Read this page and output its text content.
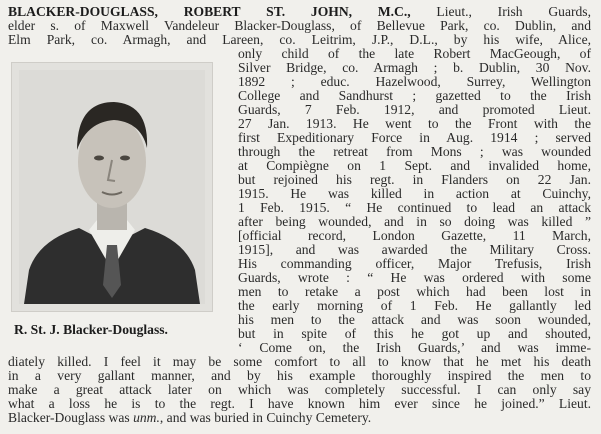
BLACKER-DOUGLASS, ROBERT ST. JOHN, M.C., Lieut., Irish Guards,
elder s. of Maxwell Vandeleur Blacker-Douglass, of Bellevue Park, co. Dublin, and
Elm Park, co. Armagh, and Lareen, co. Leitrim, J.P., D.L., by his wife, Alice,
only child of the late Robert MacGeough, of
Silver Bridge, co. Armagh ; b. Dublin, 30 Nov.
1892 ; educ. Hazelwood, Surrey, Wellington
College and Sandhurst ; gazetted to the Irish
Guards, 7 Feb. 1912, and promoted Lieut.
27 Jan. 1913. He went to the Front with the
first Expeditionary Force in Aug. 1914 ; served
through the retreat from Mons ; was wounded
at Compiègne on 1 Sept. and invalided home,
but rejoined his regt. in Flanders on 22 Jan.
1915. He was killed in action at Cuinchy,
1 Feb. 1915. “ He continued to lead an attack
after being wounded, and in so doing was killed ”
[official record, London Gazette, 11 March,
1915], and was awarded the Military Cross.
His commanding officer, Major Trefusis, Irish
Guards, wrote : “ He was ordered with some
men to retake a post which had been lost in
the early morning of 1 Feb. He gallantly led
his men to the attack and was soon wounded,
but in spite of this he got up and shouted,
‘ Come on, the Irish Guards,’ and was imme-
R. St. J. Blacker-Douglass.
diately killed. I feel it may be some comfort to all to know that he met his death
in a very gallant manner, and by his example thoroughly inspired the men to
make a great attack later on which was completely successful. I can only say
what a loss he is to the regt. I have known him ever since he joined.” Lieut.
Blacker-Douglass was unm., and was buried in Cuinchy Cemetery.
